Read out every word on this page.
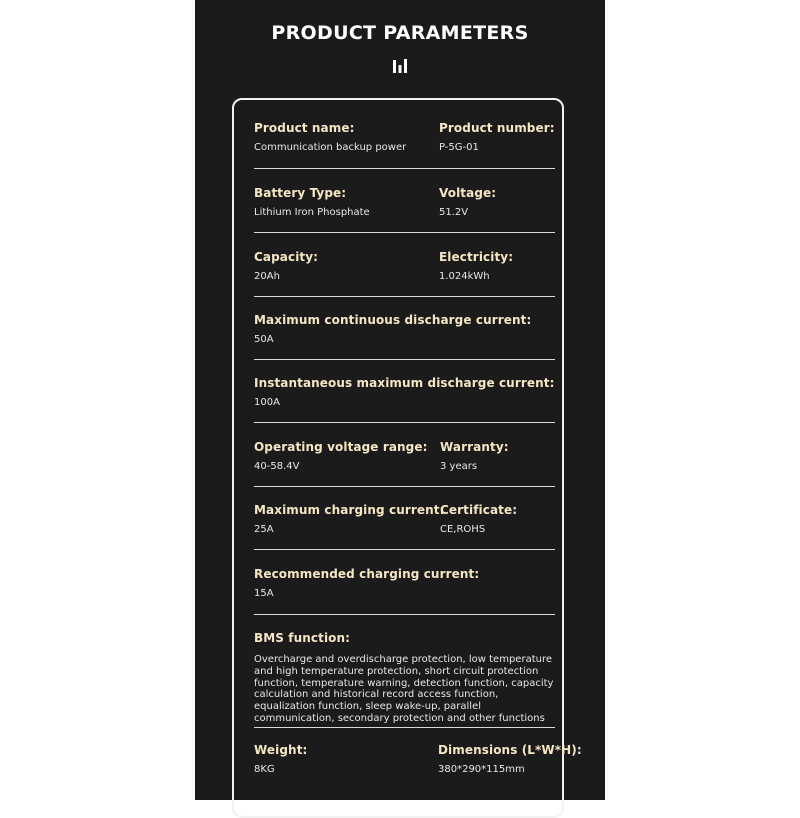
PRODUCT PARAMETERS
Product name:
Communication backup power
Product number:
P-5G-01
Battery Type:
Lithium Iron Phosphate
Voltage:
51.2V
Capacity:
20Ah
Electricity:
1.024kWh
Maximum continuous discharge current:
50A
Instantaneous maximum discharge current:
100A
Operating voltage range:
40-58.4V
Warranty:
3 years
Maximum charging current:
25A
Certificate:
CE,ROHS
Recommended charging current:
15A
BMS function:
Overcharge and overdischarge protection, low temperature and high temperature protection, short circuit protection function, temperature warning, detection function, capacity calculation and historical record access function, equalization function, sleep wake-up, parallel communication, secondary protection and other functions
Weight:
8KG
Dimensions (L*W*H):
380*290*115mm
